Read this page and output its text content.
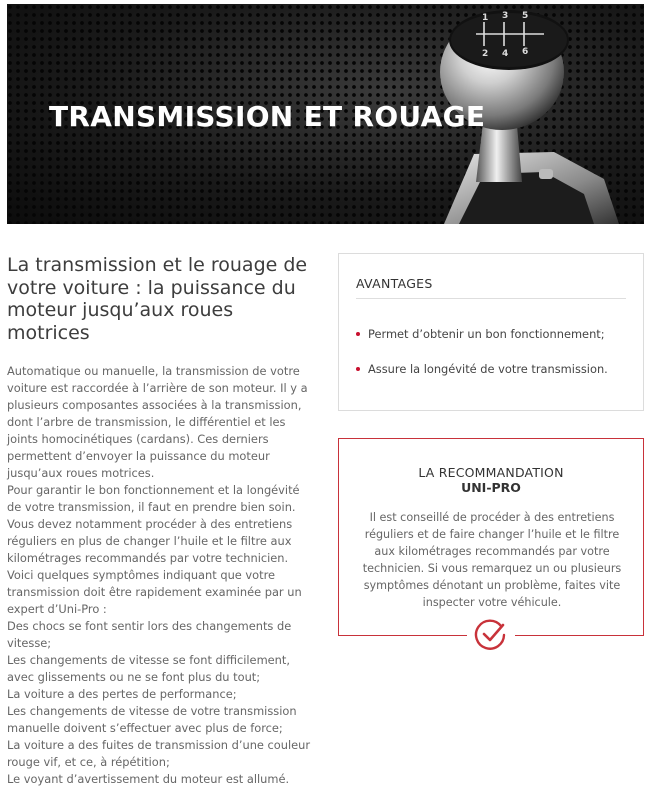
1 3 5
2 4 6
TRANSMISSION ET ROUAGE
La transmission et le rouage de votre voiture : la puissance du moteur jusqu’aux roues motrices

Automatique ou manuelle, la transmission de votre voiture est raccordée à l’arrière de son moteur. Il y a plusieurs composantes associées à la transmission, dont l’arbre de transmission, le différentiel et les joints homocinétiques (cardans). Ces derniers permettent d’envoyer la puissance du moteur jusqu’aux roues motrices.

Pour garantir le bon fonctionnement et la longévité de votre transmission, il faut en prendre bien soin. Vous devez notamment procéder à des entretiens réguliers en plus de changer l’huile et le filtre aux kilométrages recommandés par votre technicien.

Voici quelques symptômes indiquant que votre transmission doit être rapidement examinée par un expert d’Uni-Pro :

Des chocs se font sentir lors des changements de vitesse;

Les changements de vitesse se font difficilement, avec glissements ou ne se font plus du tout;

La voiture a des pertes de performance;

Les changements de vitesse de votre transmission manuelle doivent s’effectuer avec plus de force;

La voiture a des fuites de transmission d’une couleur rouge vif, et ce, à répétition;

Le voyant d’avertissement du moteur est allumé.

AVANTAGES
Permet d’obtenir un bon fonctionnement;
Assure la longévité de votre transmission.
LA RECOMMANDATION
UNI-PRO
Il est conseillé de procéder à des entretiens réguliers et de faire changer l’huile et le filtre aux kilométrages recommandés par votre technicien. Si vous remarquez un ou plusieurs symptômes dénotant un problème, faites vite inspecter votre véhicule.
